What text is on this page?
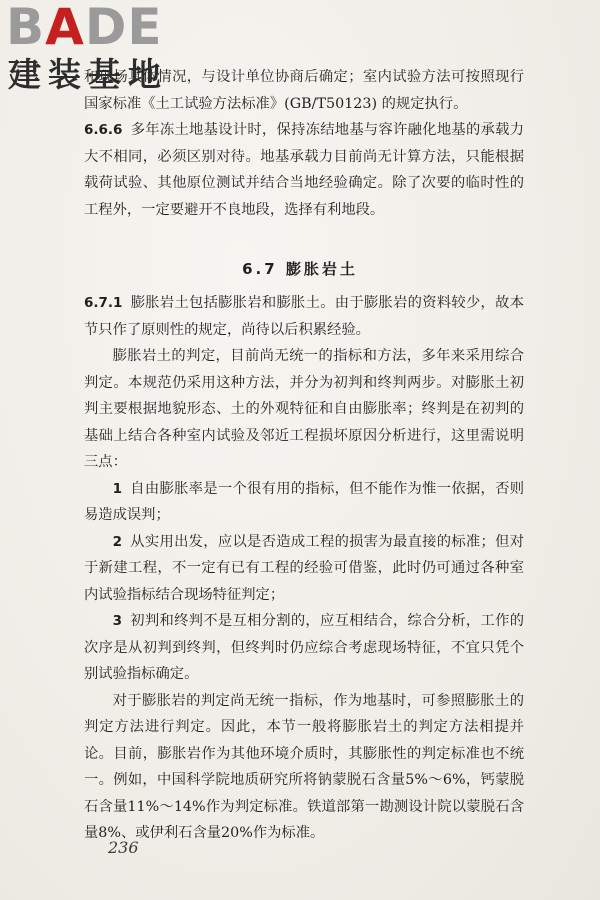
BADE
建装基地

和现场具体情况，与设计单位协商后确定；室内试验方法可按照现行国家标准《土工试验方法标准》(GB/T50123) 的规定执行。

6.6.6 多年冻土地基设计时，保持冻结地基与容许融化地基的承载力大不相同，必须区别对待。地基承载力目前尚无计算方法，只能根据载荷试验、其他原位测试并结合当地经验确定。除了次要的临时性的工程外，一定要避开不良地段，选择有利地段。

6.7 膨胀岩土

6.7.1 膨胀岩土包括膨胀岩和膨胀土。由于膨胀岩的资料较少，故本节只作了原则性的规定，尚待以后积累经验。

膨胀岩土的判定，目前尚无统一的指标和方法，多年来采用综合判定。本规范仍采用这种方法，并分为初判和终判两步。对膨胀土初判主要根据地貌形态、土的外观特征和自由膨胀率；终判是在初判的基础上结合各种室内试验及邻近工程损坏原因分析进行，这里需说明三点：

1 自由膨胀率是一个很有用的指标，但不能作为惟一依据，否则易造成误判；

2 从实用出发，应以是否造成工程的损害为最直接的标准；但对于新建工程，不一定有已有工程的经验可借鉴，此时仍可通过各种室内试验指标结合现场特征判定；

3 初判和终判不是互相分割的，应互相结合，综合分析，工作的次序是从初判到终判，但终判时仍应综合考虑现场特征，不宜只凭个别试验指标确定。

对于膨胀岩的判定尚无统一指标，作为地基时，可参照膨胀土的判定方法进行判定。因此，本节一般将膨胀岩土的判定方法相提并论。目前，膨胀岩作为其他环境介质时，其膨胀性的判定标准也不统一。例如，中国科学院地质研究所将钠蒙脱石含量5%～6%，钙蒙脱石含量11%～14%作为判定标准。铁道部第一勘测设计院以蒙脱石含量8%、或伊利石含量20%作为标准。

236
